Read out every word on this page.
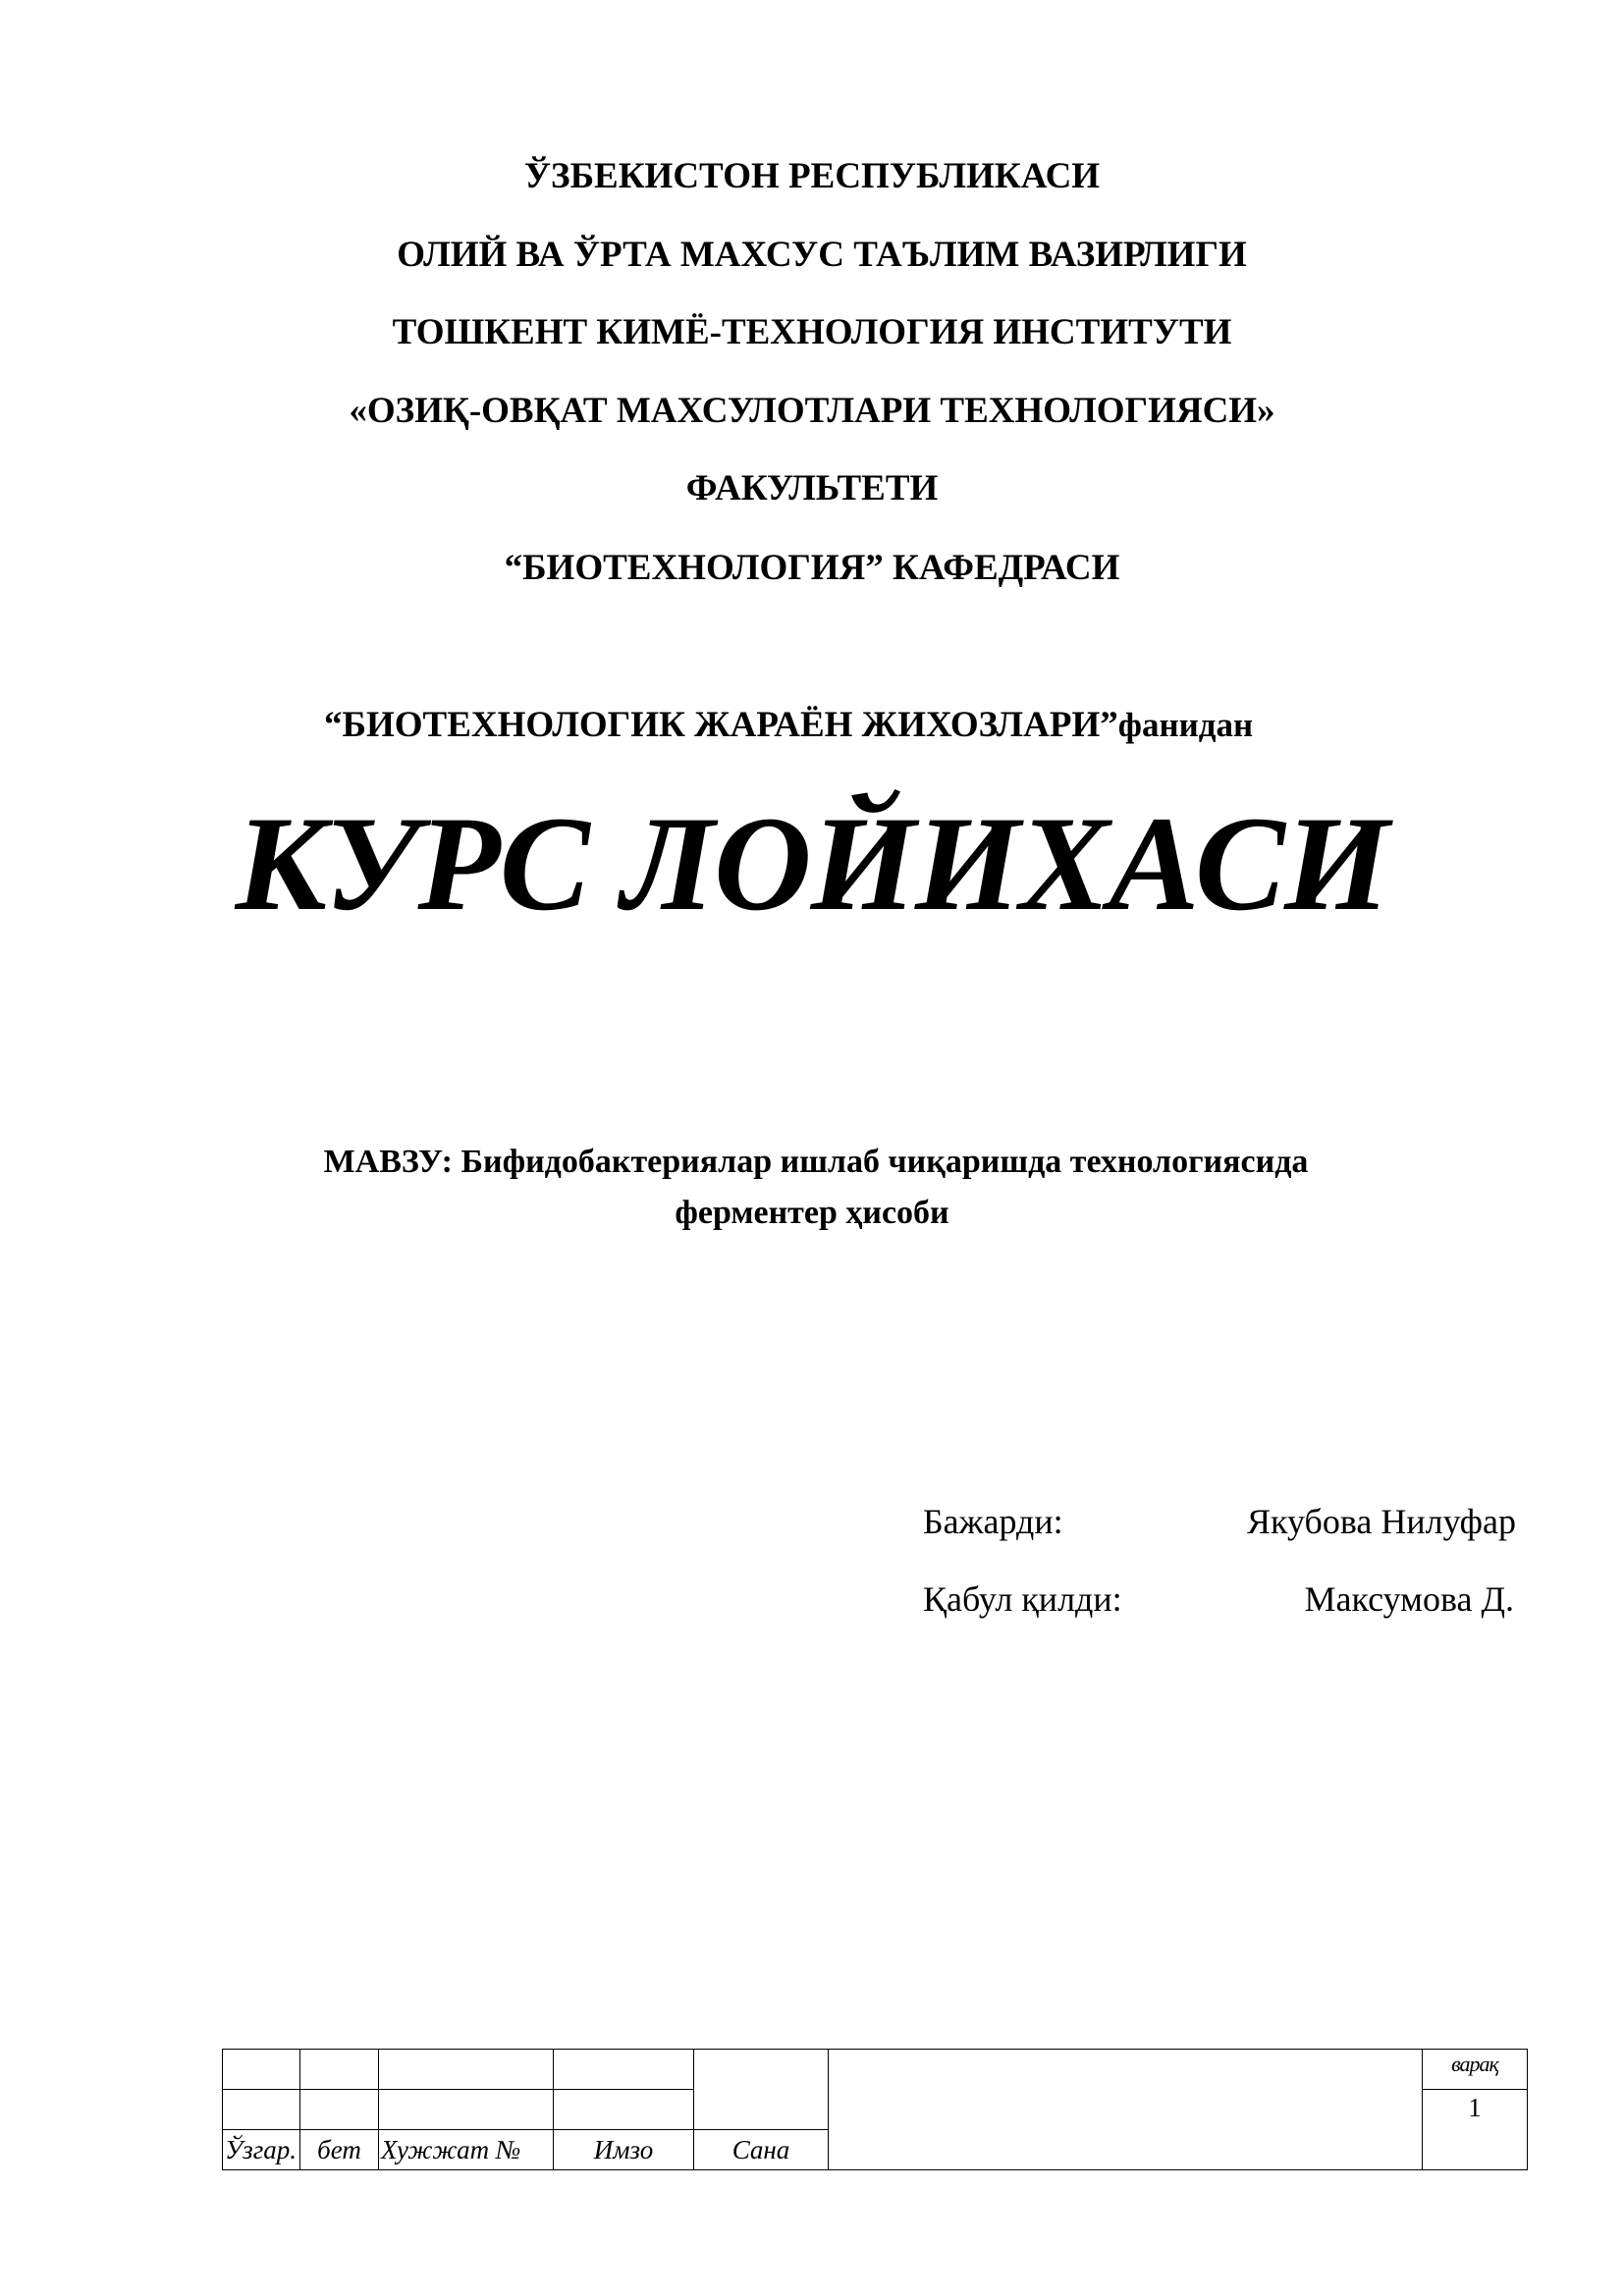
ЎЗБЕКИСТОН РЕСПУБЛИКАСИ
ОЛИЙ ВА ЎРТА МАХСУС ТАЪЛИМ ВАЗИРЛИГИ
ТОШКЕНТ КИМЁ-ТЕХНОЛОГИЯ ИНСТИТУТИ
«ОЗИҚ-ОВҚАТ МАХСУЛОТЛАРИ ТЕХНОЛОГИЯСИ»
ФАКУЛЬТЕТИ
“БИОТЕХНОЛОГИЯ” КАФЕДРАСИ
“БИОТЕХНОЛОГИК ЖАРАЁН ЖИХОЗЛАРИ”фанидан
КУРС ЛОЙИХАСИ
МАВЗУ: Бифидобактериялар ишлаб чиқаришда технологиясида
ферментер ҳисоби
Бажарди:	Якубова Нилуфар
Қабул қилди:	Максумова Д.
						варақ
						1
Ўзгар.	бет	Хужжат №	Имзо	Сана		
